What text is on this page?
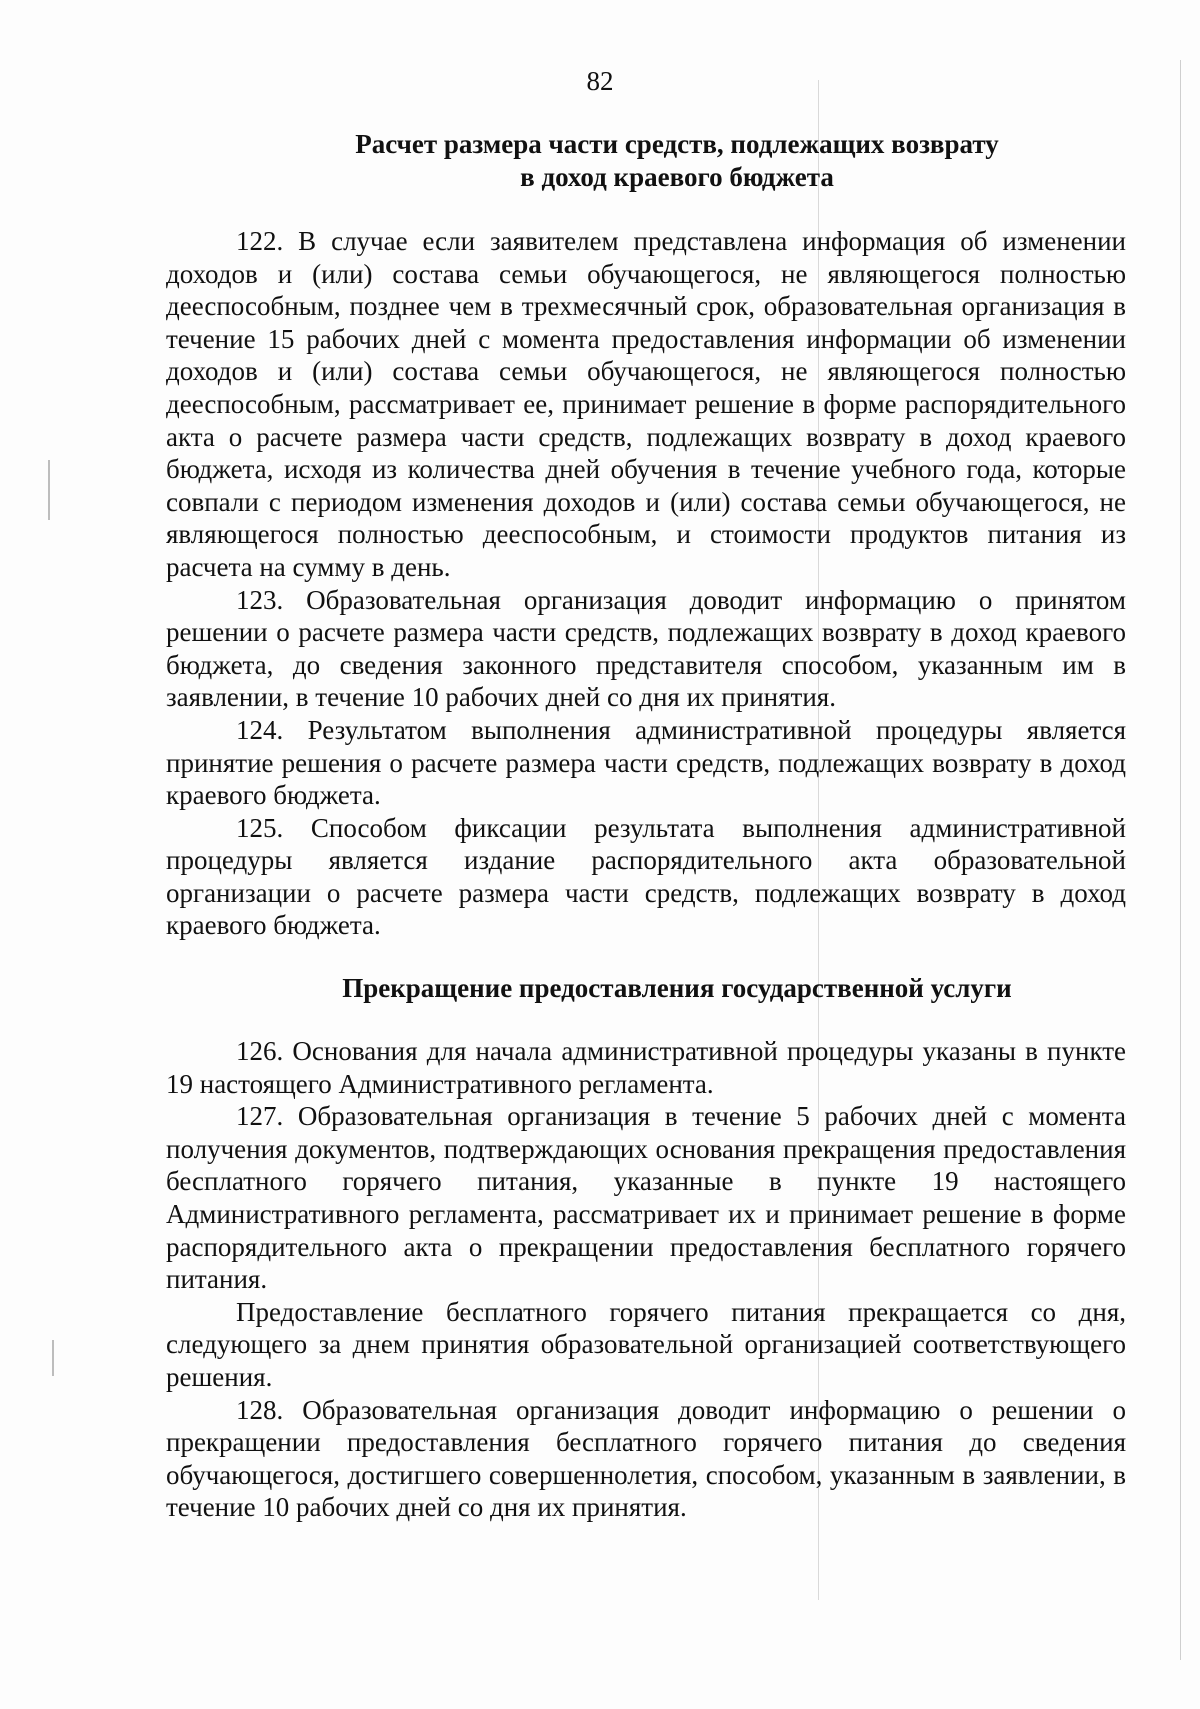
82
Расчет размера части средств, подлежащих возврату
в доход краевого бюджета

122. В случае если заявителем представлена информация об изменении доходов и (или) состава семьи обучающегося, не являющегося полностью дееспособным, позднее чем в трехмесячный срок, образовательная организация в течение 15 рабочих дней с момента предоставления информации об изменении доходов и (или) состава семьи обучающегося, не являющегося полностью дееспособным, рассматривает ее, принимает решение в форме распорядительного акта о расчете размера части средств, подлежащих возврату в доход краевого бюджета, исходя из количества дней обучения в течение учебного года, которые совпали с периодом изменения доходов и (или) состава семьи обучающегося, не являющегося полностью дееспособным, и стоимости продуктов питания из расчета на сумму в день.

123. Образовательная организация доводит информацию о принятом решении о расчете размера части средств, подлежащих возврату в доход краевого бюджета, до сведения законного представителя способом, указанным им в заявлении, в течение 10 рабочих дней со дня их принятия.

124. Результатом выполнения административной процедуры является принятие решения о расчете размера части средств, подлежащих возврату в доход краевого бюджета.

125. Способом фиксации результата выполнения административной процедуры является издание распорядительного акта образовательной организации о расчете размера части средств, подлежащих возврату в доход краевого бюджета.

Прекращение предоставления государственной услуги

126. Основания для начала административной процедуры указаны в пункте 19 настоящего Административного регламента.

127. Образовательная организация в течение 5 рабочих дней с момента получения документов, подтверждающих основания прекращения предоставления бесплатного горячего питания, указанные в пункте 19 настоящего Административного регламента, рассматривает их и принимает решение в форме распорядительного акта о прекращении предоставления бесплатного горячего питания.

Предоставление бесплатного горячего питания прекращается со дня, следующего за днем принятия образовательной организацией соответствующего решения.

128. Образовательная организация доводит информацию о решении о прекращении предоставления бесплатного горячего питания до сведения обучающегося, достигшего совершеннолетия, способом, указанным в заявлении, в течение 10 рабочих дней со дня их принятия.
